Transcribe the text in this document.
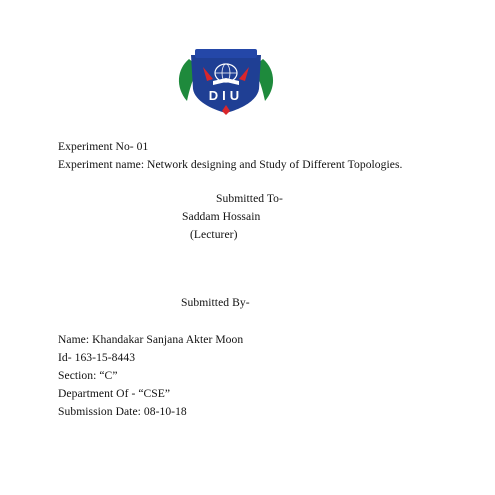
DIU
Experiment No- 01
Experiment name: Network designing and Study of Different Topologies.
Submitted To-
Saddam Hossain
(Lecturer)
Submitted By-
Name: Khandakar Sanjana Akter Moon
Id- 163-15-8443
Section: “C”
Department Of - “CSE”
Submission Date: 08-10-18
